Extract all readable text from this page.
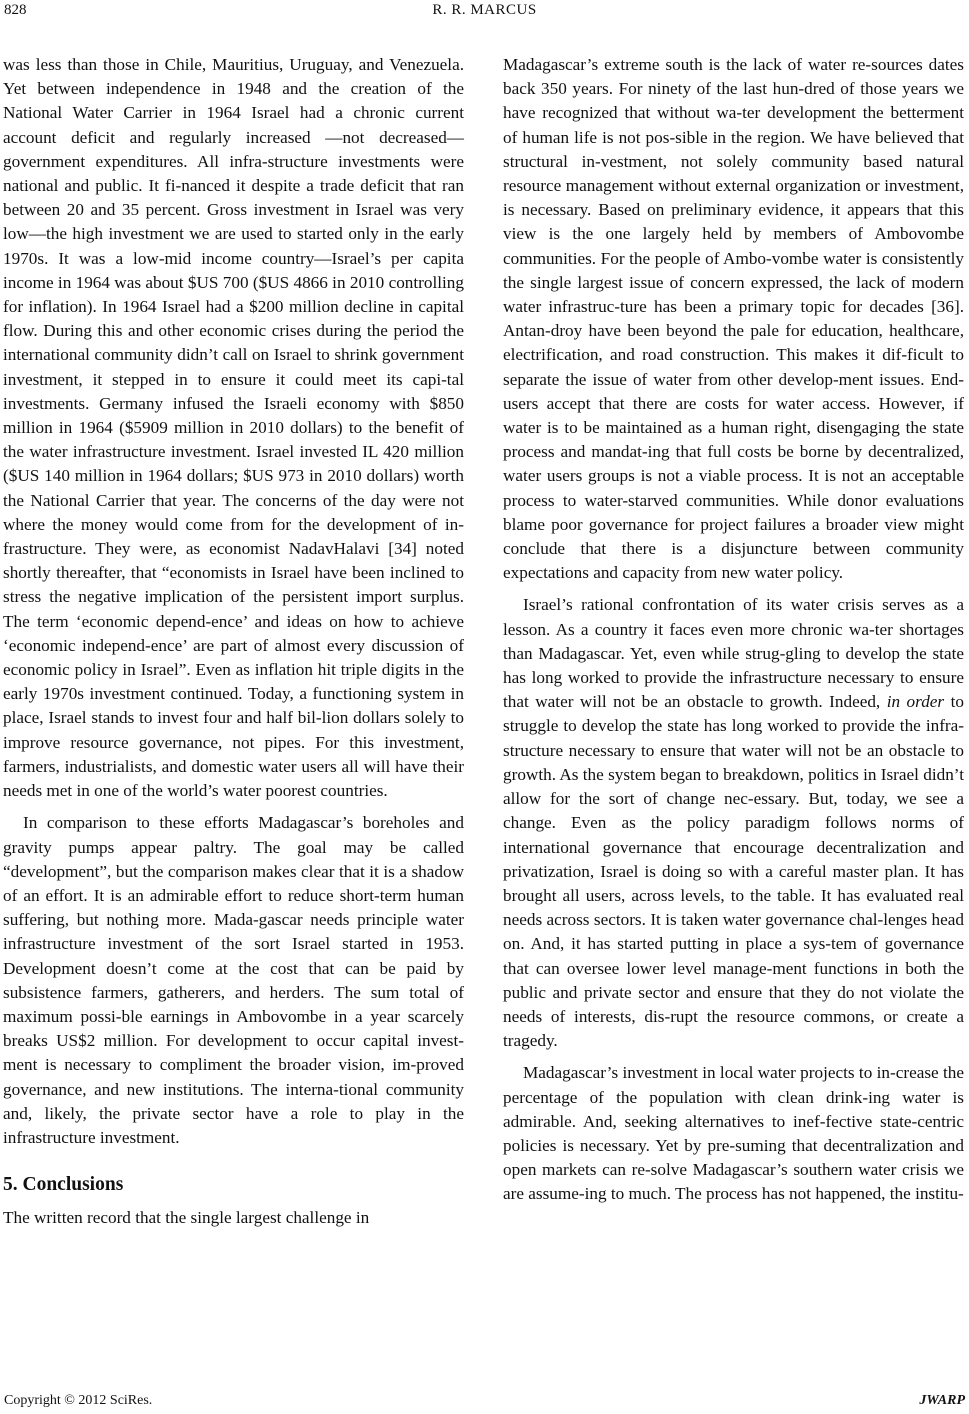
828	R. R. MARCUS

was less than those in Chile, Mauritius, Uruguay, and Venezuela. Yet between independence in 1948 and the creation of the National Water Carrier in 1964 Israel had a chronic current account deficit and regularly increased —not decreased—government expenditures. All infra-structure investments were national and public. It fi-nanced it despite a trade deficit that ran between 20 and 35 percent. Gross investment in Israel was very low—the high investment we are used to started only in the early 1970s. It was a low-mid income country—Israel’s per capita income in 1964 was about $US 700 ($US 4866 in 2010 controlling for inflation). In 1964 Israel had a $200 million decline in capital flow. During this and other economic crises during the period the international community didn’t call on Israel to shrink government investment, it stepped in to ensure it could meet its capi-tal investments. Germany infused the Israeli economy with $850 million in 1964 ($5909 million in 2010 dollars) to the benefit of the water infrastructure investment. Israel invested IL 420 million ($US 140 million in 1964 dollars; $US 973 in 2010 dollars) worth the National Carrier that year. The concerns of the day were not where the money would come from for the development of in-frastructure. They were, as economist NadavHalavi [34] noted shortly thereafter, that “economists in Israel have been inclined to stress the negative implication of the persistent import surplus. The term ‘economic depend-ence’ and ideas on how to achieve ‘economic independ-ence’ are part of almost every discussion of economic policy in Israel”. Even as inflation hit triple digits in the early 1970s investment continued. Today, a functioning system in place, Israel stands to invest four and half bil-lion dollars solely to improve resource governance, not pipes. For this investment, farmers, industrialists, and domestic water users all will have their needs met in one of the world’s water poorest countries.

In comparison to these efforts Madagascar’s boreholes and gravity pumps appear paltry. The goal may be called “development”, but the comparison makes clear that it is a shadow of an effort. It is an admirable effort to reduce short-term human suffering, but nothing more. Mada-gascar needs principle water infrastructure investment of the sort Israel started in 1953. Development doesn’t come at the cost that can be paid by subsistence farmers, gatherers, and herders. The sum total of maximum possi-ble earnings in Ambovombe in a year scarcely breaks US$2 million. For development to occur capital invest-ment is necessary to compliment the broader vision, im-proved governance, and new institutions. The interna-tional community and, likely, the private sector have a role to play in the infrastructure investment.

5. Conclusions

The written record that the single largest challenge in

Madagascar’s extreme south is the lack of water re-sources dates back 350 years. For ninety of the last hun-dred of those years we have recognized that without wa-ter development the betterment of human life is not pos-sible in the region. We have believed that structural in-vestment, not solely community based natural resource management without external organization or investment, is necessary. Based on preliminary evidence, it appears that this view is the one largely held by members of Ambovombe communities. For the people of Ambo-vombe water is consistently the single largest issue of concern expressed, the lack of modern water infrastruc-ture has been a primary topic for decades [36]. Antan-droy have been beyond the pale for education, healthcare, electrification, and road construction. This makes it dif-ficult to separate the issue of water from other develop-ment issues. End-users accept that there are costs for water access. However, if water is to be maintained as a human right, disengaging the state process and mandat-ing that full costs be borne by decentralized, water users groups is not a viable process. It is not an acceptable process to water-starved communities. While donor evaluations blame poor governance for project failures a broader view might conclude that there is a disjuncture between community expectations and capacity from new water policy.

Israel’s rational confrontation of its water crisis serves as a lesson. As a country it faces even more chronic wa-ter shortages than Madagascar. Yet, even while strug-gling to develop the state has long worked to provide the infrastructure necessary to ensure that water will not be an obstacle to growth. Indeed, in order to struggle to develop the state has long worked to provide the infra-structure necessary to ensure that water will not be an obstacle to growth. As the system began to breakdown, politics in Israel didn’t allow for the sort of change nec-essary. But, today, we see a change. Even as the policy paradigm follows norms of international governance that encourage decentralization and privatization, Israel is doing so with a careful master plan. It has brought all users, across levels, to the table. It has evaluated real needs across sectors. It is taken water governance chal-lenges head on. And, it has started putting in place a sys-tem of governance that can oversee lower level manage-ment functions in both the public and private sector and ensure that they do not violate the needs of interests, dis-rupt the resource commons, or create a tragedy.

Madagascar’s investment in local water projects to in-crease the percentage of the population with clean drink-ing water is admirable. And, seeking alternatives to inef-fective state-centric policies is necessary. Yet by pre-suming that decentralization and open markets can re-solve Madagascar’s southern water crisis we are assume-ing to much. The process has not happened, the institu-

Copyright © 2012 SciRes.	JWARP
